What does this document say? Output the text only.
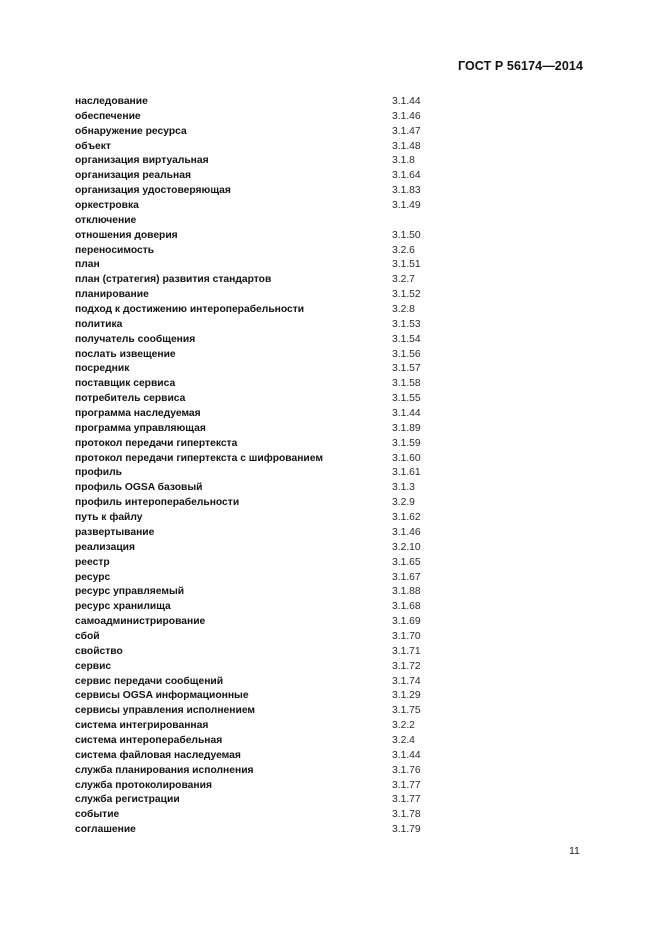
ГОСТ Р 56174—2014
наследование	3.1.44
обеспечение	3.1.46
обнаружение ресурса	3.1.47
объект	3.1.48
организация виртуальная	3.1.8
организация реальная	3.1.64
организация удостоверяющая	3.1.83
оркестровка	3.1.49
отключение
отношения доверия	3.1.50
переносимость	3.2.6
план	3.1.51
план (стратегия) развития стандартов	3.2.7
планирование	3.1.52
подход к достижению интероперабельности	3.2.8
политика	3.1.53
получатель сообщения	3.1.54
послать извещение	3.1.56
посредник	3.1.57
поставщик сервиса	3.1.58
потребитель сервиса	3.1.55
программа наследуемая	3.1.44
программа управляющая	3.1.89
протокол передачи гипертекста	3.1.59
протокол передачи гипертекста с шифрованием	3.1.60
профиль	3.1.61
профиль OGSA базовый	3.1.3
профиль интероперабельности	3.2.9
путь к файлу	3.1.62
развертывание	3.1.46
реализация	3.2.10
реестр	3.1.65
ресурс	3.1.67
ресурс управляемый	3.1.88
ресурс хранилища	3.1.68
самоадминистрирование	3.1.69
сбой	3.1.70
свойство	3.1.71
сервис	3.1.72
сервис передачи сообщений	3.1.74
сервисы OGSA информационные	3.1.29
сервисы управления исполнением	3.1.75
система интегрированная	3.2.2
система интероперабельная	3.2.4
система файловая наследуемая	3.1.44
служба планирования исполнения	3.1.76
служба протоколирования	3.1.77
служба регистрации	3.1.77
событие	3.1.78
соглашение	3.1.79
11
